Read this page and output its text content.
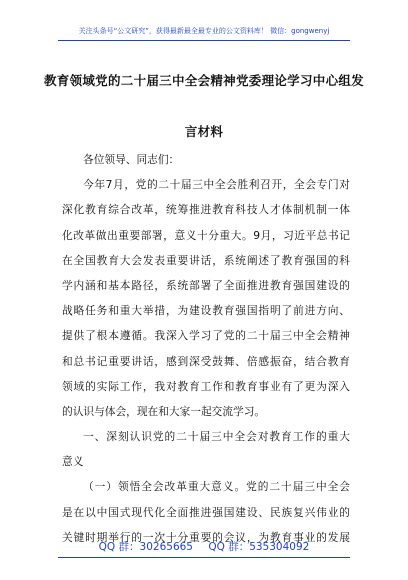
关注头条号“公文研究”，获得最新最全最专业的公文资料库！ 微信：gongwenyj
教育领域党的二十届三中全会精神党委理论学习中心组发
言材料
各位领导、同志们：
今年7月，党的二十届三中全会胜利召开，全会专门对
深化教育综合改革，统筹推进教育科技人才体制机制一体
化改革做出重要部署，意义十分重大。9月，习近平总书记
在全国教育大会发表重要讲话，系统阐述了教育强国的科
学内涵和基本路径，系统部署了全面推进教育强国建设的
战略任务和重大举措，为建设教育强国指明了前进方向、
提供了根本遵循。我深入学习了党的二十届三中全会精神
和总书记重要讲话，感到深受鼓舞、倍感振奋，结合教育
领域的实际工作，我对教育工作和教育事业有了更为深入
的认识与体会，现在和大家一起交流学习。
一、深刻认识党的二十届三中全会对教育工作的重大
意义
（一）领悟全会改革重大意义。党的二十届三中全会
是在以中国式现代化全面推进强国建设、民族复兴伟业的
关键时期举行的一次十分重要的会议，为教育事业的发展
QQ 群：30265665 QQ 群：535304092
